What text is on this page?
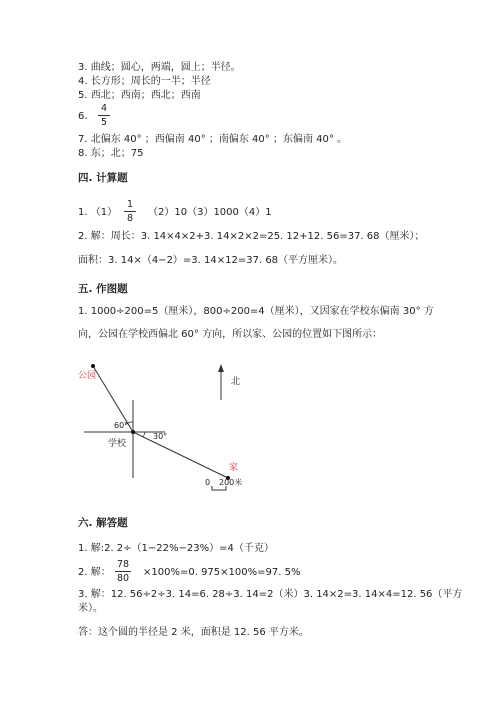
3. 曲线；圆心，两端，圆上；半径。
4. 长方形；周长的一半；半径
5. 西北；西南；西北；西南
6.
4
5
7. 北偏东 40° ；西偏南 40° ；南偏东 40° ；东偏南 40° 。
8. 东；北；75
四. 计算题
1. （1）
1
8
（2）10（3）1000（4）1
2. 解：周长：3. 14×4×2+3. 14×2×2=25. 12+12. 56=37. 68（厘米）；
面积：3. 14×（4−2）=3. 14×12=37. 68（平方厘米）。
五. 作图题
1. 1000÷200=5（厘米），800÷200=4（厘米），又因家在学校东偏南 30° 方
向，公园在学校西偏北 60° 方向，所以家、公园的位置如下图所示：
公园
学校
家
北
60°
30°
0 200米
六. 解答题
1. 解:2. 2÷（1−22%−23%）=4（千克）
2. 解：
78
80
×100%=0. 975×100%=97. 5%
3. 解：12. 56÷2÷3. 14=6. 28÷3. 14=2（米）3. 14×2=3. 14×4=12. 56（平方
米）。
答：这个圆的半径是 2 米，面积是 12. 56 平方米。
